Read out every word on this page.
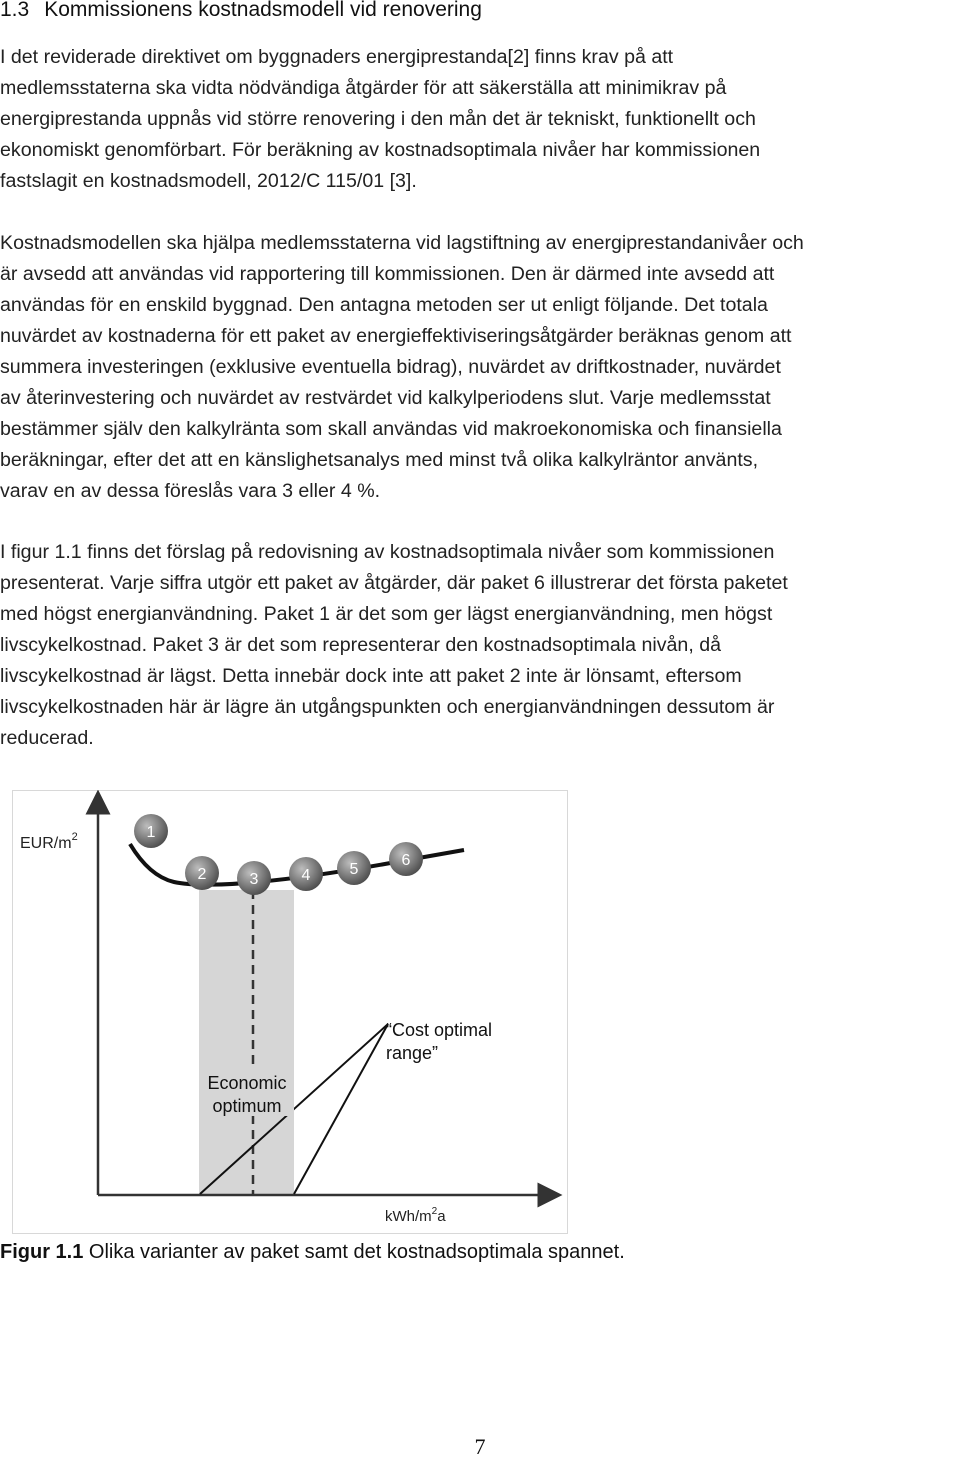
1.3 Kommissionens kostnadsmodell vid renovering

I det reviderade direktivet om byggnaders energiprestanda[2] finns krav på att
medlemsstaterna ska vidta nödvändiga åtgärder för att säkerställa att minimikrav på
energiprestanda uppnås vid större renovering i den mån det är tekniskt, funktionellt och
ekonomiskt genomförbart. För beräkning av kostnadsoptimala nivåer har kommissionen
fastslagit en kostnadsmodell, 2012/C 115/01 [3].

Kostnadsmodellen ska hjälpa medlemsstaterna vid lagstiftning av energiprestandanivåer och
är avsedd att användas vid rapportering till kommissionen. Den är därmed inte avsedd att
användas för en enskild byggnad. Den antagna metoden ser ut enligt följande. Det totala
nuvärdet av kostnaderna för ett paket av energieffektiviseringsåtgärder beräknas genom att
summera investeringen (exklusive eventuella bidrag), nuvärdet av driftkostnader, nuvärdet
av återinvestering och nuvärdet av restvärdet vid kalkylperiodens slut. Varje medlemsstat
bestämmer själv den kalkylränta som skall användas vid makroekonomiska och finansiella
beräkningar, efter det att en känslighetsanalys med minst två olika kalkylräntor använts,
varav en av dessa föreslås vara 3 eller 4 %.

I figur 1.1 finns det förslag på redovisning av kostnadsoptimala nivåer som kommissionen
presenterat. Varje siffra utgör ett paket av åtgärder, där paket 6 illustrerar det första paketet
med högst energianvändning. Paket 1 är det som ger lägst energianvändning, men högst
livscykelkostnad. Paket 3 är det som representerar den kostnadsoptimala nivån, då
livscykelkostnad är lägst. Detta innebär dock inte att paket 2 inte är lönsamt, eftersom
livscykelkostnaden här är lägre än utgångspunkten och energianvändningen dessutom är
reducerad.

EUR/$m^2$
kWh/$m^2a$
1
2	3	4 5
6
Economic
optimum
“Cost optimal
range”
Figur 1.1 Olika varianter av paket samt det kostnadsoptimala spannet.
7
